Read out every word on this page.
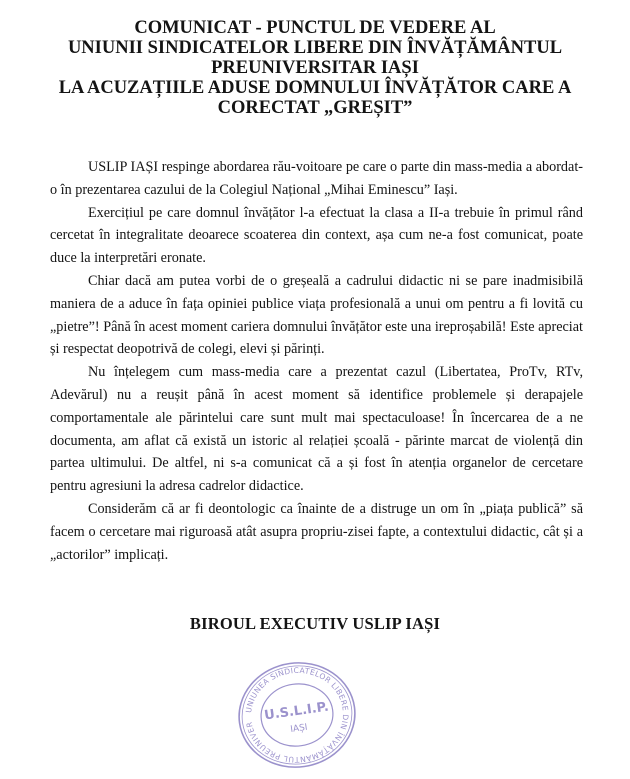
COMUNICAT - PUNCTUL DE VEDERE AL
UNIUNII SINDICATELOR LIBERE DIN ÎNVĂȚĂMÂNTUL
PREUNIVERSITAR IAȘI
LA ACUZAȚIILE ADUSE DOMNULUI ÎNVĂȚĂTOR CARE A
CORECTAT „GREȘIT”

USLIP IAȘI respinge abordarea rău-voitoare pe care o parte din mass-media a abordat-o în prezentarea cazului de la Colegiul Național „Mihai Eminescu” Iași.

Exercițiul pe care domnul învățător l-a efectuat la clasa a II-a trebuie în primul rând cercetat în integralitate deoarece scoaterea din context, așa cum ne-a fost comunicat, poate duce la interpretări eronate.

Chiar dacă am putea vorbi de o greșeală a cadrului didactic ni se pare inadmisibilă maniera de a aduce în fața opiniei publice viața profesională a unui om pentru a fi lovită cu „pietre”! Până în acest moment cariera domnului învățător este una ireproșabilă! Este apreciat și respectat deopotrivă de colegi, elevi și părinți.

Nu înțelegem cum mass-media care a prezentat cazul (Libertatea, ProTv, RTv, Adevărul) nu a reușit până în acest moment să identifice problemele și derapajele comportamentale ale părintelui care sunt mult mai spectaculoase! În încercarea de a ne documenta, am aflat că există un istoric al relației școală - părinte marcat de violență din partea ultimului. De altfel, ni s-a comunicat că a și fost în atenția organelor de cercetare pentru agresiuni la adresa cadrelor didactice.

Considerăm că ar fi deontologic ca înainte de a distruge un om în „piața publică” să facem o cercetare mai riguroasă atât asupra propriu-zisei fapte, a contextului didactic, cât și a „actorilor” implicați.

BIROUL EXECUTIV USLIP IAȘI
UNIUNEA SINDICATELOR LIBERE DIN ÎNVĂȚĂMÂNTUL PREUNIVERSITAR
U.S.L.I.P.
IAȘI
